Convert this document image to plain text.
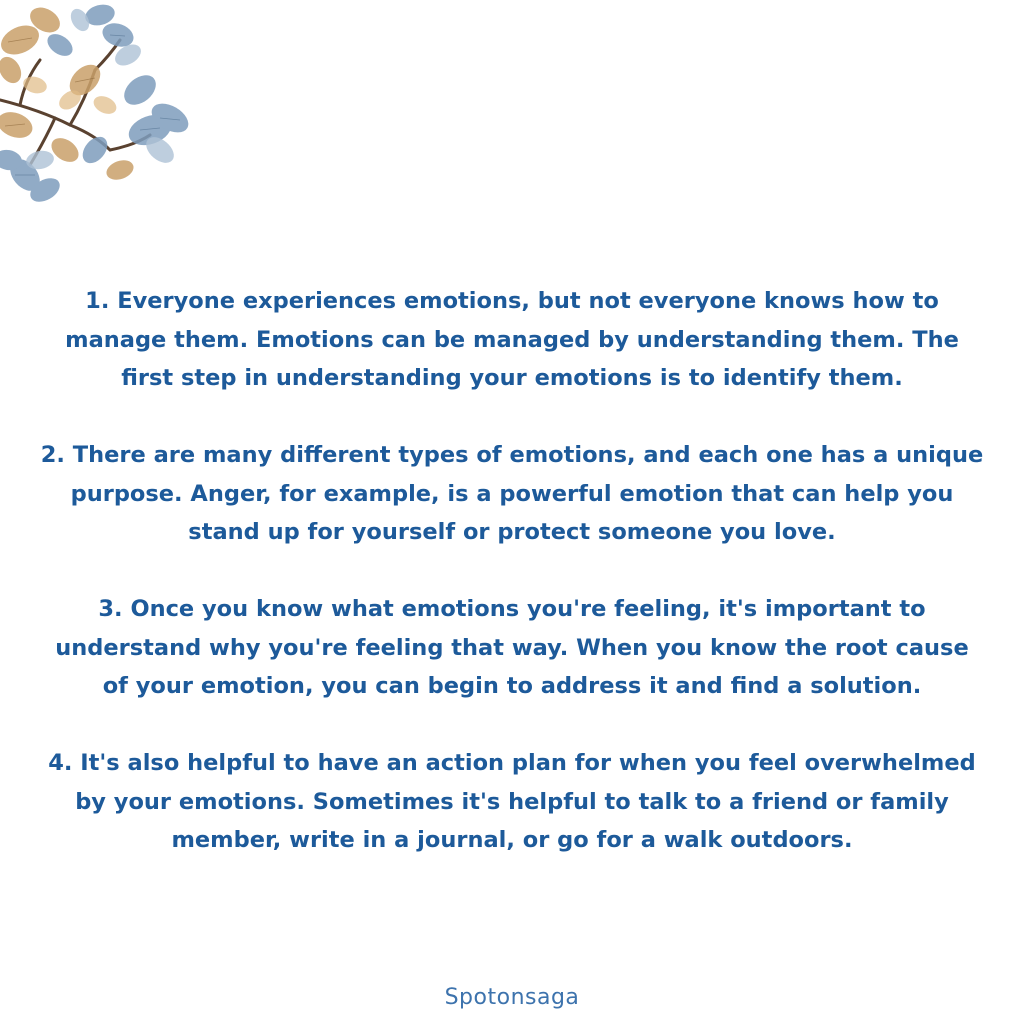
1. Everyone experiences emotions, but not everyone knows how to manage them. Emotions can be managed by understanding them. The first step in understanding your emotions is to identify them.

2. There are many different types of emotions, and each one has a unique purpose. Anger, for example, is a powerful emotion that can help you stand up for yourself or protect someone you love.

3. Once you know what emotions you're feeling, it's important to understand why you're feeling that way. When you know the root cause of your emotion, you can begin to address it and find a solution.

4. It's also helpful to have an action plan for when you feel overwhelmed by your emotions. Sometimes it's helpful to talk to a friend or family member, write in a journal, or go for a walk outdoors.

Spotonsaga
